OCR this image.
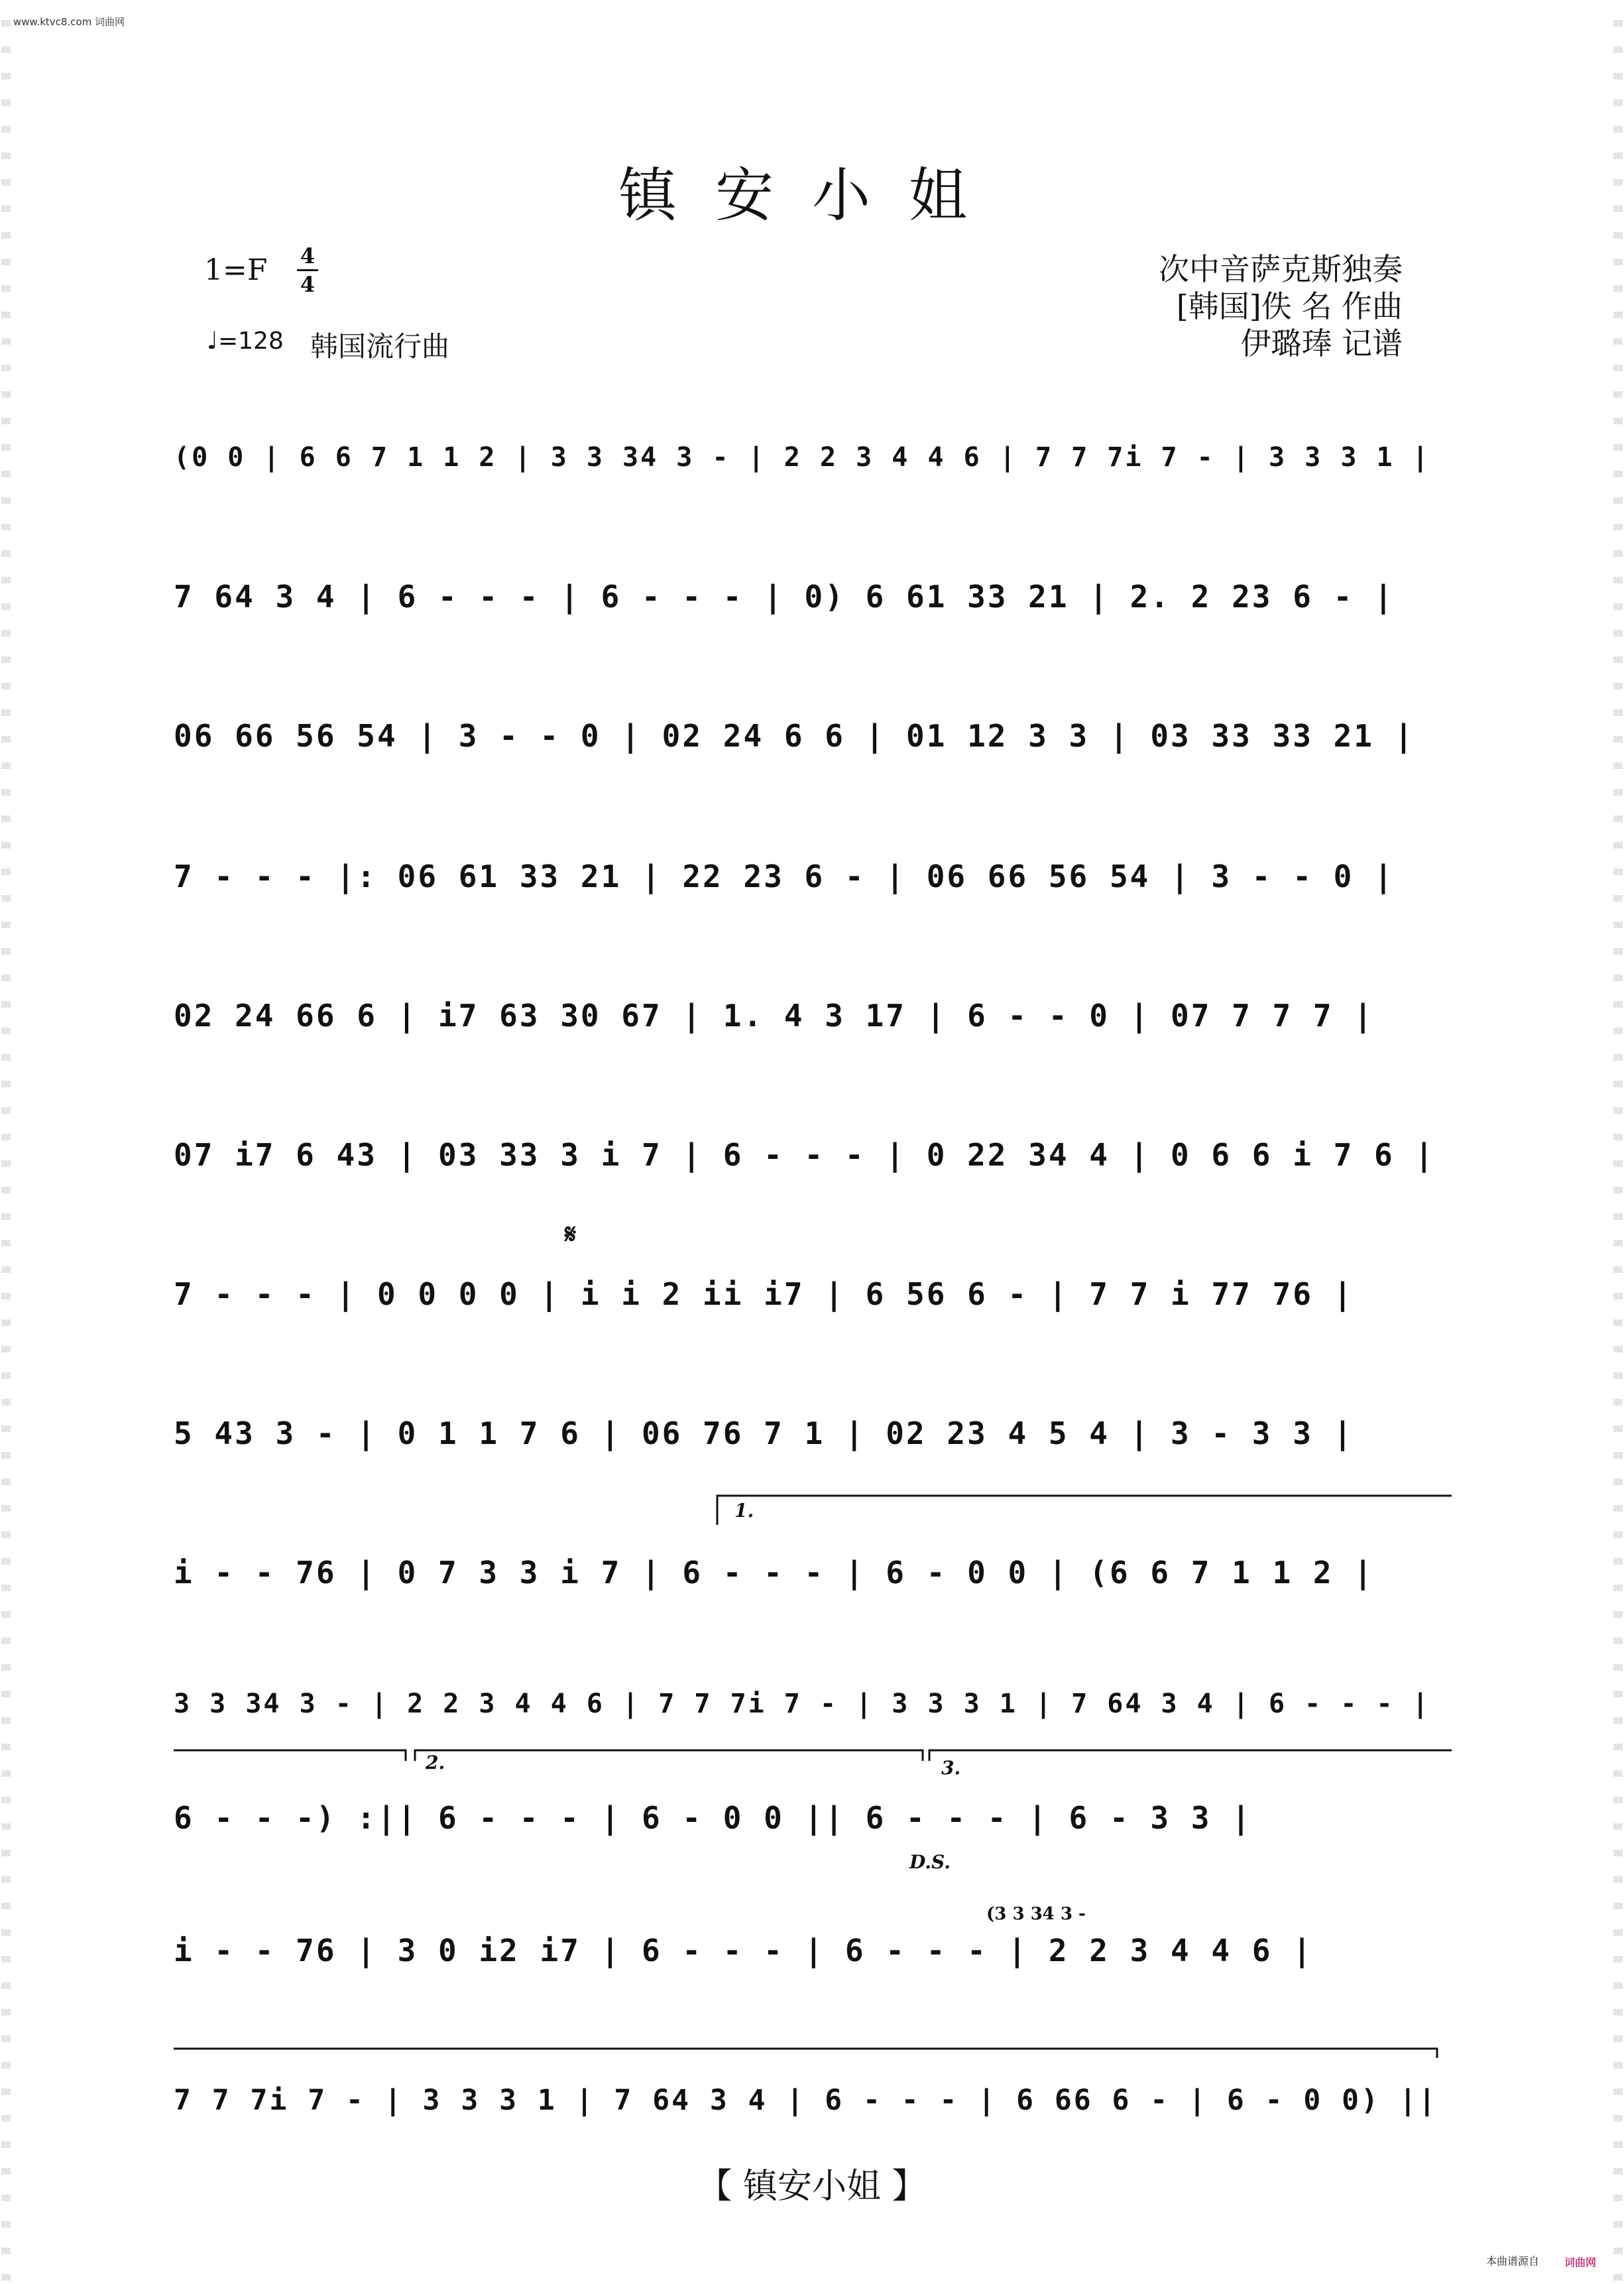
www.ktvc8.com 词曲网
镇安小姐
1=F 4
4
♩=128 韩国流行曲
次中音萨克斯独奏
[韩国]佚 名 作曲
伊璐琫 记谱
(0 0 | 6 6 7 1 1 2 | 3 3 34 3 - | 2 2 3 4 4 6 | 7 7 7i 7 - | 3 3 3 1 |
7 64 3 4 | 6 - - - | 6 - - - | 0) 6 61 33 21 | 2. 2 23 6 - |
06 66 56 54 | 3 - - 0 | 02 24 6 6 | 01 12 3 3 | 03 33 33 21 |
7 - - - |: 06 61 33 21 | 22 23 6 - | 06 66 56 54 | 3 - - 0 |
02 24 66 6 | i7 63 30 67 | 1. 4 3 17 | 6 - - 0 | 07 7 7 7 |
07 i7 6 43 | 03 33 3 i 7 | 6 - - - | 0 22 34 4 | 0 6 6 i 7 6 |
7 - - - | 0 0 0 0 | i i 2 ii i7 | 6 56 6 - | 7 7 i 77 76 |
5 43 3 - | 0 1 1 7 6 | 06 76 7 1 | 02 23 4 5 4 | 3 - 3 3 |
i - - 76 | 0 7 3 3 i 7 | 6 - - - | 6 - 0 0 | (6 6 7 1 1 2 |
3 3 34 3 - | 2 2 3 4 4 6 | 7 7 7i 7 - | 3 3 3 1 | 7 64 3 4 | 6 - - - |
6 - - -) :|| 6 - - - | 6 - 0 0 || 6 - - - | 6 - 3 3 |
i - - 76 | 3 0 i2 i7 | 6 - - - | 6 - - - | 2 2 3 4 4 6 |
7 7 7i 7 - | 3 3 3 1 | 7 64 3 4 | 6 - - - | 6 66 6 - | 6 - 0 0) ||
𝄋
1.
2.	3.
D.S.
(3 3 34 3 -
【 镇安小姐 】
本曲谱源自 词曲网
